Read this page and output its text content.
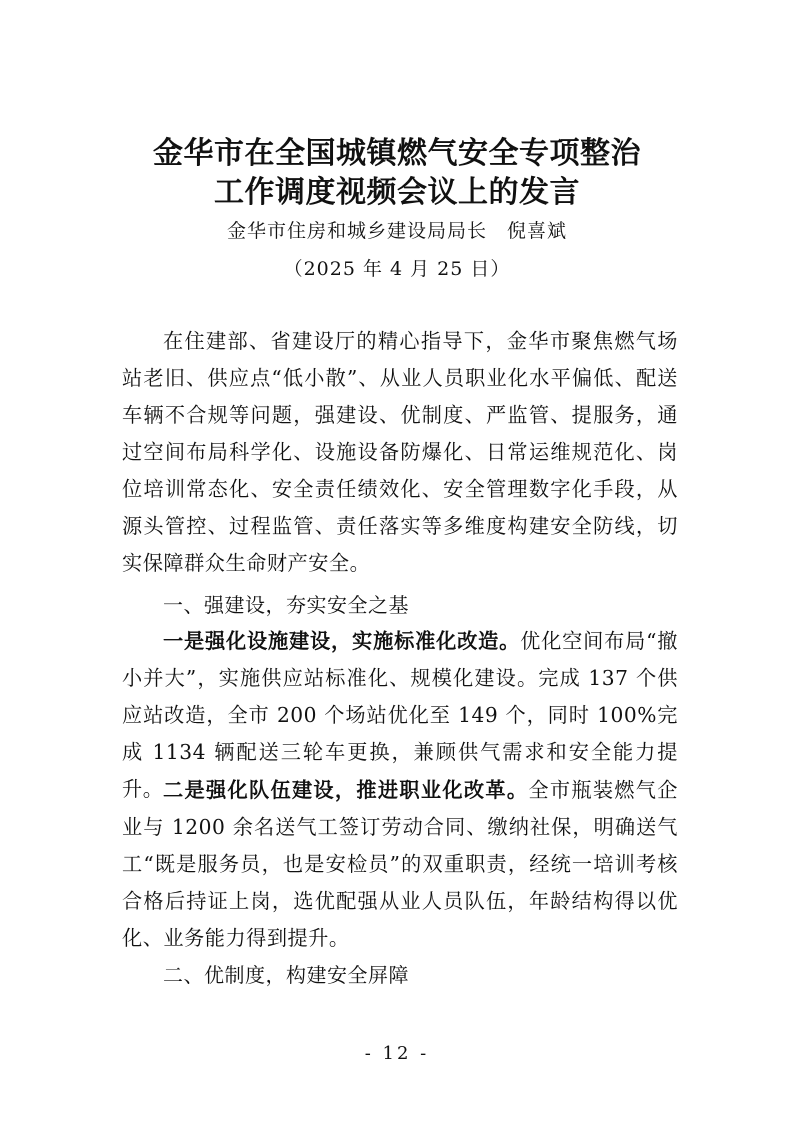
金华市在全国城镇燃气安全专项整治
工作调度视频会议上的发言
金华市住房和城乡建设局局长　倪喜斌
（2025 年 4 月 25 日）

在住建部、省建设厅的精心指导下，金华市聚焦燃气场站老旧、供应点“低小散”、从业人员职业化水平偏低、配送车辆不合规等问题，强建设、优制度、严监管、提服务，通过空间布局科学化、设施设备防爆化、日常运维规范化、岗位培训常态化、安全责任绩效化、安全管理数字化手段，从源头管控、过程监管、责任落实等多维度构建安全防线，切实保障群众生命财产安全。

一、强建设，夯实安全之基

一是强化设施建设，实施标准化改造。优化空间布局“撤小并大”，实施供应站标准化、规模化建设。完成 137 个供应站改造，全市 200 个场站优化至 149 个，同时 100%完成 1134 辆配送三轮车更换，兼顾供气需求和安全能力提升。 二是强化队伍建设，推进职业化改革。全市瓶装燃气企业与 1200 余名送气工签订劳动合同、缴纳社保，明确送气工“既是服务员，也是安检员”的双重职责，经统一培训考核合格后持证上岗，选优配强从业人员队伍，年龄结构得以优化、业务能力得到提升。

二、优制度，构建安全屏障
- 12 -
